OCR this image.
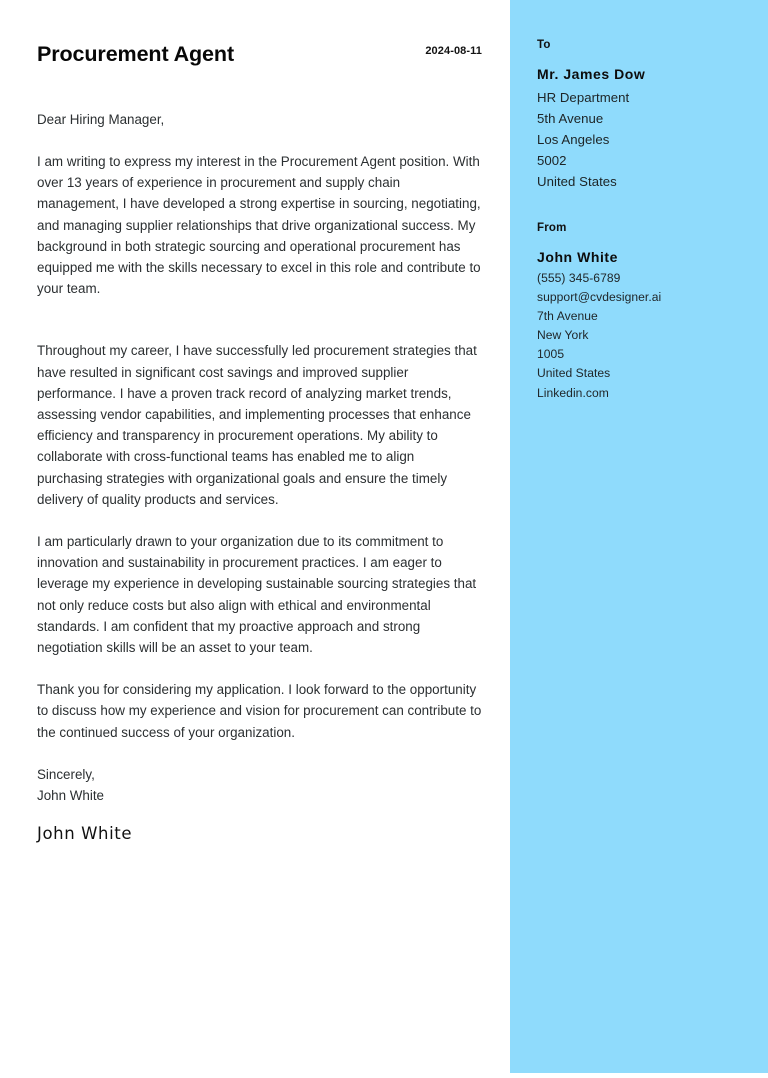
Procurement Agent	2024-08-11

Dear Hiring Manager,

I am writing to express my interest in the Procurement Agent position. With over 13 years of experience in procurement and supply chain management, I have developed a strong expertise in sourcing, negotiating, and managing supplier relationships that drive organizational success. My background in both strategic sourcing and operational procurement has equipped me with the skills necessary to excel in this role and contribute to your team.

Throughout my career, I have successfully led procurement strategies that have resulted in significant cost savings and improved supplier performance. I have a proven track record of analyzing market trends, assessing vendor capabilities, and implementing processes that enhance efficiency and transparency in procurement operations. My ability to collaborate with cross-functional teams has enabled me to align purchasing strategies with organizational goals and ensure the timely delivery of quality products and services.

I am particularly drawn to your organization due to its commitment to innovation and sustainability in procurement practices. I am eager to leverage my experience in developing sustainable sourcing strategies that not only reduce costs but also align with ethical and environmental standards. I am confident that my proactive approach and strong negotiation skills will be an asset to your team.

Thank you for considering my application. I look forward to the opportunity to discuss how my experience and vision for procurement can contribute to the continued success of your organization.

Sincerely,
John White
John White
To
Mr. James Dow
HR Department
5th Avenue
Los Angeles
5002
United States
From
John White
(555) 345-6789
support@cvdesigner.ai
7th Avenue
New York
1005
United States
Linkedin.com
